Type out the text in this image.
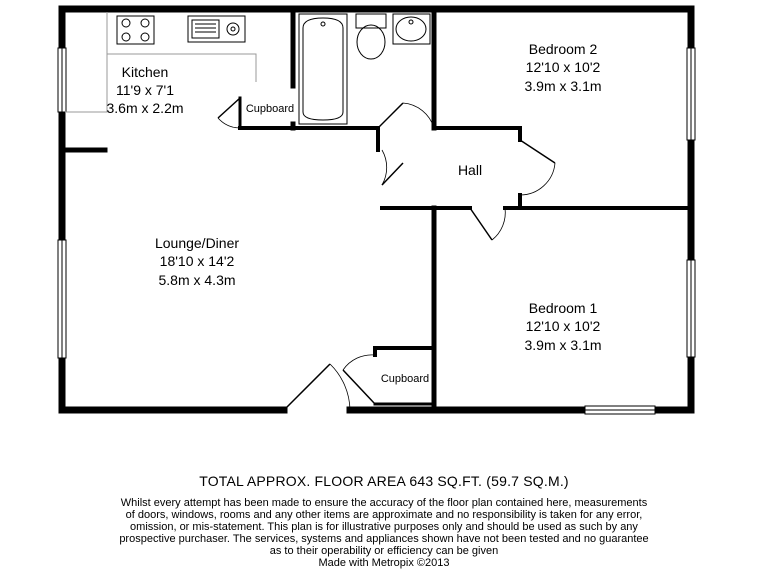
Kitchen
11'9 x 7'1
3.6m x 2.2m
Bedroom 2
12'10 x 10'2
3.9m x 3.1m
Hall
Lounge/Diner
18'10 x 14'2
5.8m x 4.3m
Bedroom 1
12'10 x 10'2
3.9m x 3.1m
Cupboard
Cupboard
TOTAL APPROX. FLOOR AREA 643 SQ.FT. (59.7 SQ.M.)
Whilst every attempt has been made to ensure the accuracy of the floor plan contained here, measurements
of doors, windows, rooms and any other items are approximate and no responsibility is taken for any error,
omission, or mis-statement. This plan is for illustrative purposes only and should be used as such by any
prospective purchaser. The services, systems and appliances shown have not been tested and no guarantee
as to their operability or efficiency can be given
Made with Metropix ©2013
